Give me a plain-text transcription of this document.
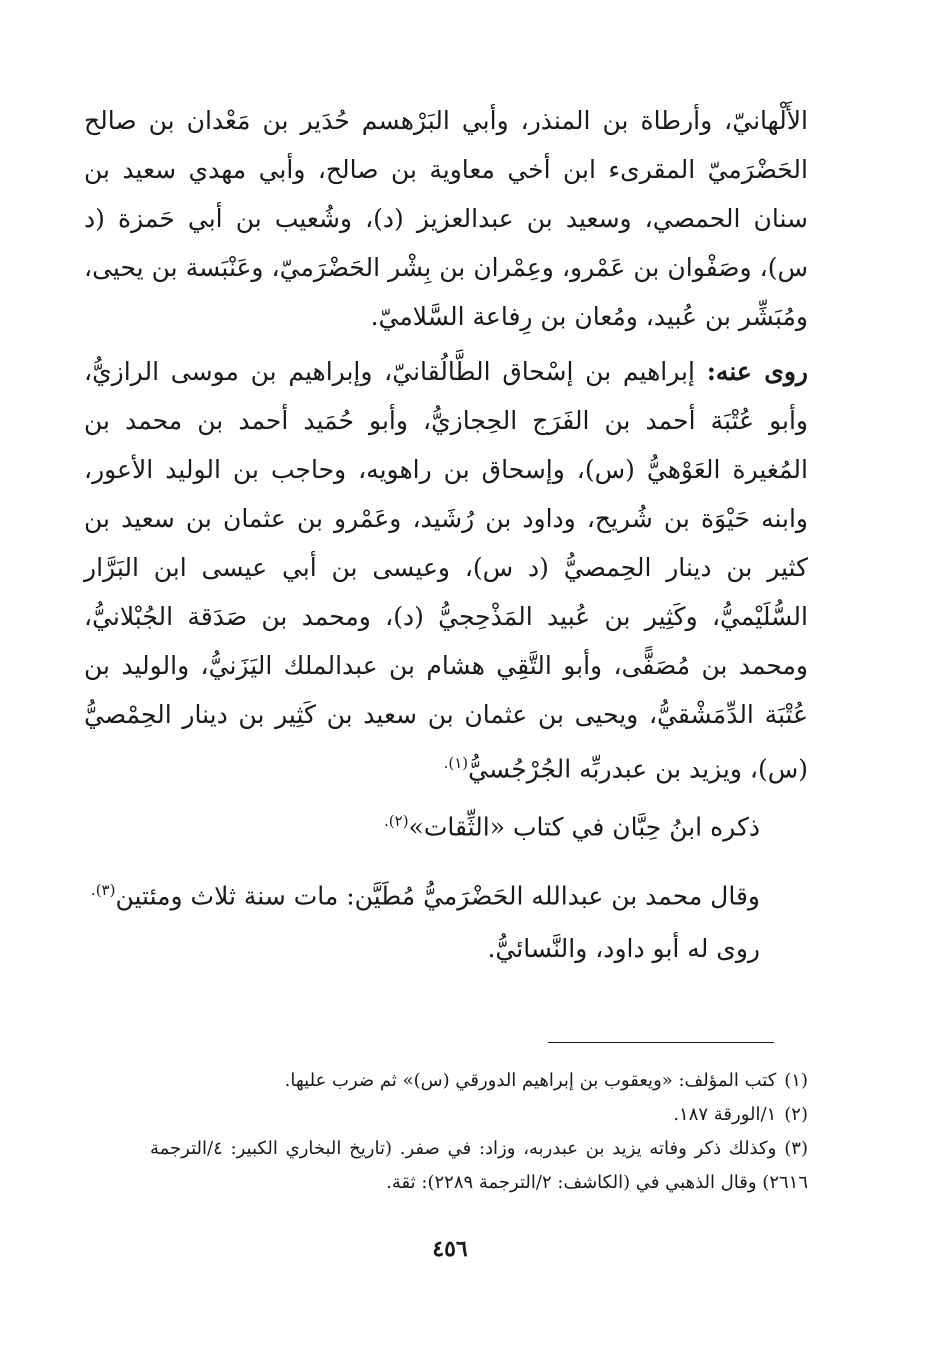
الأَلْهانيّ، وأرطاة بن المنذر، وأبي البَرْهسم حُدَير بن مَعْدان بن صالح الحَضْرَميّ المقرىء ابن أخي معاوية بن صالح، وأبي مهدي سعيد بن سنان الحمصي، وسعيد بن عبدالعزيز (د)، وشُعيب بن أبي حَمزة (د س)، وصَفْوان بن عَمْرو، وعِمْران بن بِشْر الحَضْرَميّ، وعَنْبَسة بن يحيى، ومُبَشِّر بن عُبيد، ومُعان بن رِفاعة السَّلاميّ.

روى عنه: إبراهيم بن إسْحاق الطَّالُقانيّ، وإبراهيم بن موسى الرازيُّ، وأبو عُتْبَة أحمد بن الفَرَج الحِجازيُّ، وأبو حُمَيد أحمد بن محمد بن المُغيرة العَوْهيُّ (س)، وإسحاق بن راهويه، وحاجب بن الوليد الأعور، وابنه حَيْوَة بن شُريح، وداود بن رُشَيد، وعَمْرو بن عثمان بن سعيد بن كثير بن دينار الحِمصيُّ (د س)، وعيسى بن أبي عيسى ابن البَرَّار السُّلَيْميُّ، وكَثِير بن عُبيد المَذْحِجيُّ (د)، ومحمد بن صَدَقة الجُبْلانيُّ، ومحمد بن مُصَفًّى، وأبو التَّقِي هشام بن عبدالملك اليَزَنيُّ، والوليد بن عُتْبَة الدِّمَشْقيُّ، ويحيى بن عثمان بن سعيد بن كَثِير بن دينار الحِمْصيُّ (س)، ويزيد بن عبدربِّه الجُرْجُسيُّ$^{(١).}$

ذكره ابنُ حِبَّان في كتاب «الثِّقات»$^{(٢).}$

وقال محمد بن عبدالله الحَضْرَميُّ مُطَيَّن: مات سنة ثلاث ومئتين$^{(٣).}$

روى له أبو داود، والنَّسائيُّ.

(١)كتب المؤلف: «ويعقوب بن إبراهيم الدورقي (س)» ثم ضرب عليها.

(٢)١/الورقة ١٨٧.

(٣)وكذلك ذكر وفاته يزيد بن عبدربه، وزاد: في صفر. (تاريخ البخاري الكبير: ٤/الترجمة ٢٦١٦) وقال الذهبي في (الكاشف: ٢/الترجمة ٢٢٨٩): ثقة.

٤٥٦
